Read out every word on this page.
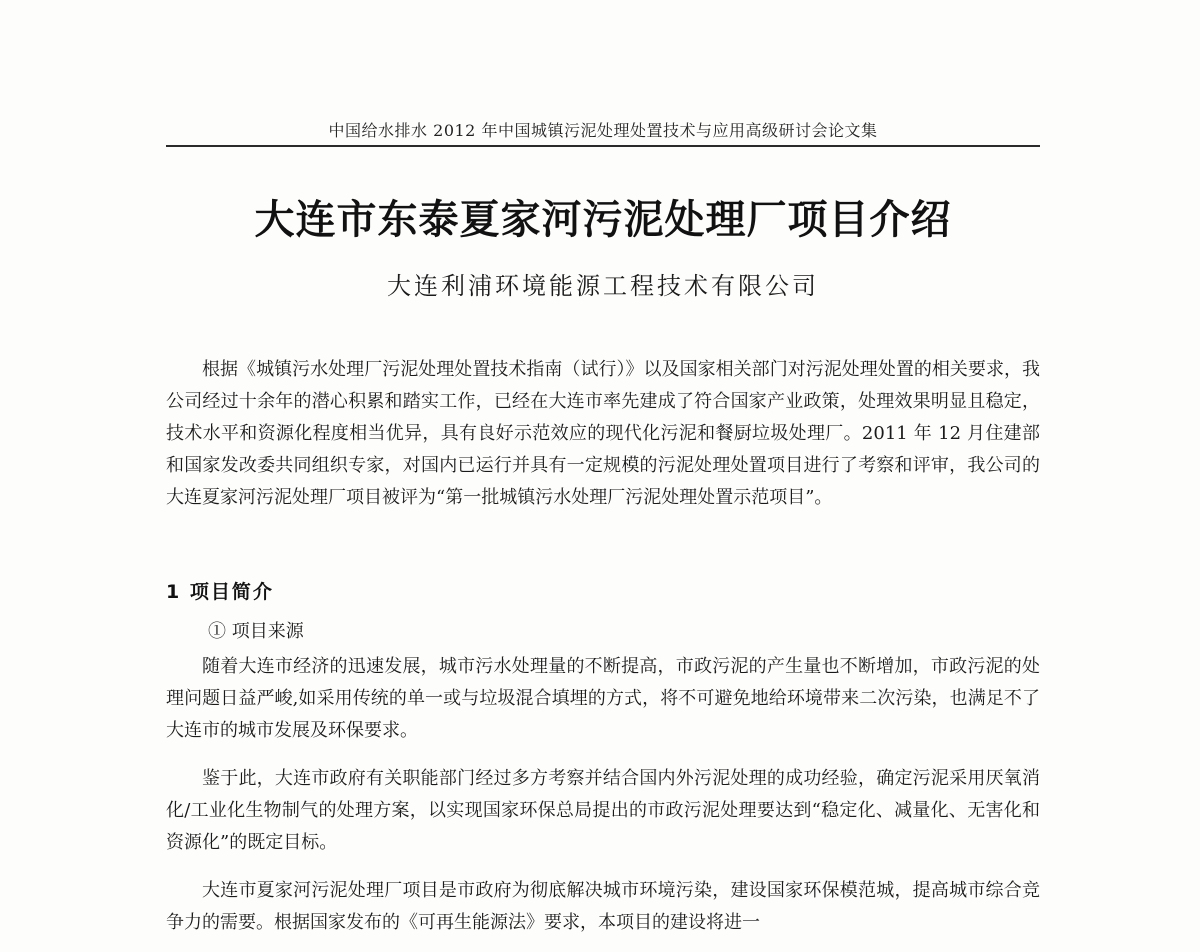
中国给水排水 2012 年中国城镇污泥处理处置技术与应用高级研讨会论文集
大连市东泰夏家河污泥处理厂项目介绍
大连利浦环境能源工程技术有限公司

根据《城镇污水处理厂污泥处理处置技术指南（试行）》以及国家相关部门对污泥处理处置的相关要求，我公司经过十余年的潜心积累和踏实工作，已经在大连市率先建成了符合国家产业政策，处理效果明显且稳定，技术水平和资源化程度相当优异，具有良好示范效应的现代化污泥和餐厨垃圾处理厂。2011 年 12 月住建部和国家发改委共同组织专家，对国内已运行并具有一定规模的污泥处理处置项目进行了考察和评审，我公司的大连夏家河污泥处理厂项目被评为“第一批城镇污水处理厂污泥处理处置示范项目”。

1 项目简介
① 项目来源

随着大连市经济的迅速发展，城市污水处理量的不断提高，市政污泥的产生量也不断增加，市政污泥的处理问题日益严峻,如采用传统的单一或与垃圾混合填埋的方式，将不可避免地给环境带来二次污染，也满足不了大连市的城市发展及环保要求。

鉴于此，大连市政府有关职能部门经过多方考察并结合国内外污泥处理的成功经验，确定污泥采用厌氧消化/工业化生物制气的处理方案，以实现国家环保总局提出的市政污泥处理要达到“稳定化、减量化、无害化和资源化”的既定目标。

大连市夏家河污泥处理厂项目是市政府为彻底解决城市环境污染，建设国家环保模范城，提高城市综合竞争力的需要。根据国家发布的《可再生能源法》要求，本项目的建设将进一
